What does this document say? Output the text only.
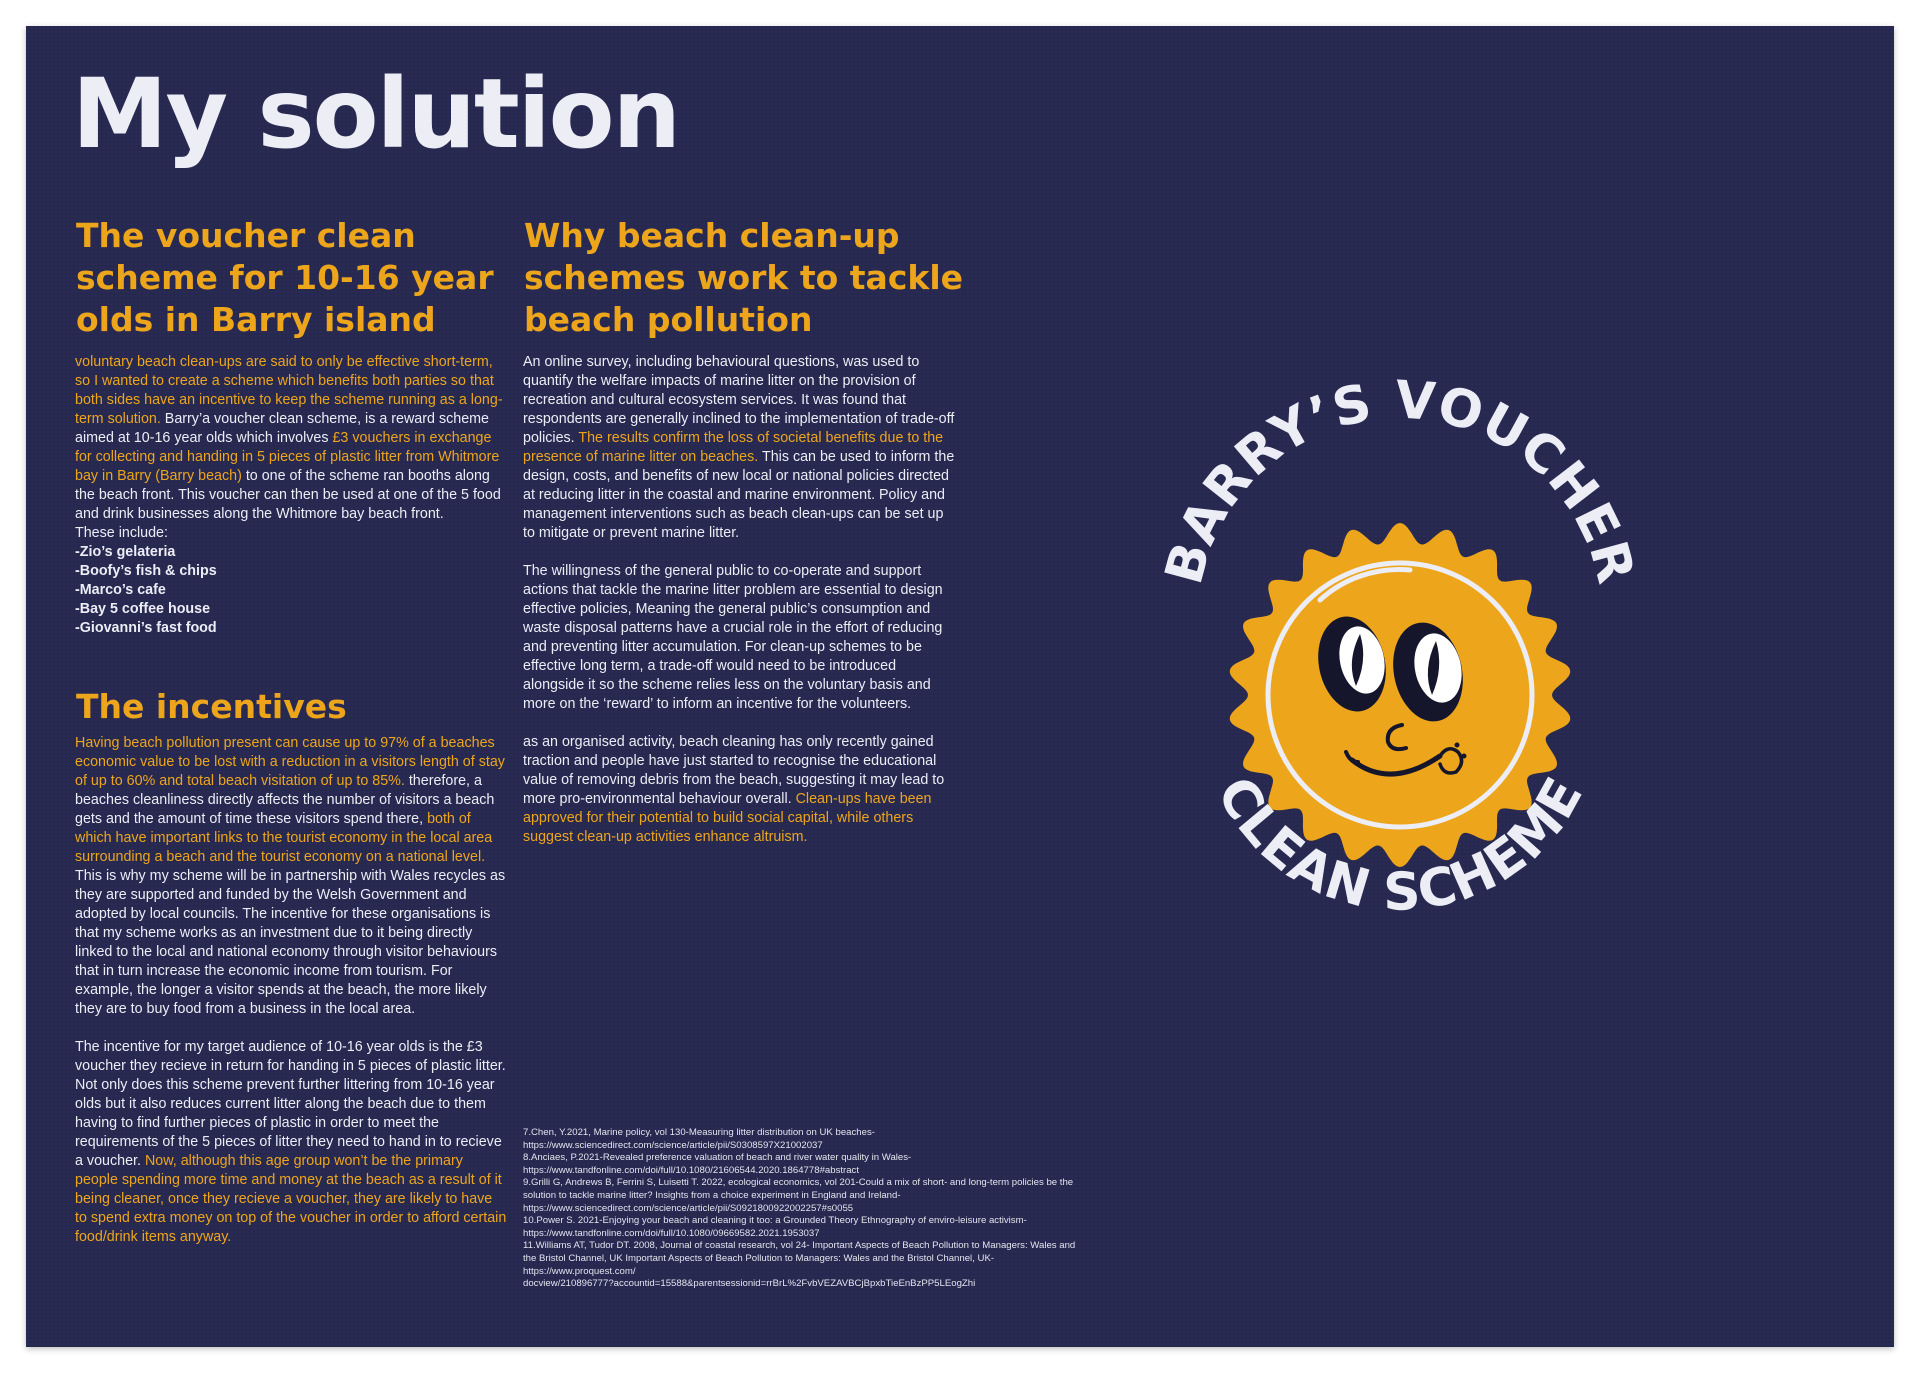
My solution
The voucher clean scheme for 10-16 year olds in Barry island

voluntary beach clean-ups are said to only be effective short-term, so I wanted to create a scheme which benefits both parties so that both sides have an incentive to keep the scheme running as a long-term solution. Barry’a voucher clean scheme, is a reward scheme aimed at 10-16 year olds which involves £3 vouchers in exchange for collecting and handing in 5 pieces of plastic litter from Whitmore bay in Barry (Barry beach) to one of the scheme ran booths along the beach front. This voucher can then be used at one of the 5 food and drink businesses along the Whitmore bay beach front.

These include:

-Zio’s gelateria
-Boofy’s fish & chips
-Marco’s cafe
-Bay 5 coffee house
-Giovanni’s fast food
The incentives

Having beach pollution present can cause up to 97% of a beaches economic value to be lost with a reduction in a visitors length of stay of up to 60% and total beach visitation of up to 85%. therefore, a beaches cleanliness directly affects the number of visitors a beach gets and the amount of time these visitors spend there, both of which have important links to the tourist economy in the local area surrounding a beach and the tourist economy on a national level. This is why my scheme will be in partnership with Wales recycles as they are supported and funded by the Welsh Government and adopted by local councils. The incentive for these organisations is that my scheme works as an investment due to it being directly linked to the local and national economy through visitor behaviours that in turn increase the economic income from tourism. For example, the longer a visitor spends at the beach, the more likely they are to buy food from a business in the local area.

The incentive for my target audience of 10-16 year olds is the £3 voucher they recieve in return for handing in 5 pieces of plastic litter. Not only does this scheme prevent further littering from 10-16 year olds but it also reduces current litter along the beach due to them having to find further pieces of plastic in order to meet the requirements of the 5 pieces of litter they need to hand in to recieve a voucher. Now, although this age group won’t be the primary people spending more time and money at the beach as a result of it being cleaner, once they recieve a voucher, they are likely to have to spend extra money on top of the voucher in order to afford certain food/drink items anyway.

Why beach clean-up schemes work to tackle beach pollution

An online survey, including behavioural questions, was used to quantify the welfare impacts of marine litter on the provision of recreation and cultural ecosystem services. It was found that respondents are generally inclined to the implementation of trade-off policies. The results confirm the loss of societal benefits due to the presence of marine litter on beaches. This can be used to inform the design, costs, and benefits of new local or national policies directed at reducing litter in the coastal and marine environment. Policy and management interventions such as beach clean-ups can be set up to mitigate or prevent marine litter.

The willingness of the general public to co-operate and support actions that tackle the marine litter problem are essential to design effective policies, Meaning the general public’s consumption and waste disposal patterns have a crucial role in the effort of reducing and preventing litter accumulation. For clean-up schemes to be effective long term, a trade-off would need to be introduced alongside it so the scheme relies less on the voluntary basis and more on the ‘reward’ to inform an incentive for the volunteers.

as an organised activity, beach cleaning has only recently gained traction and people have just started to recognise the educational value of removing debris from the beach, suggesting it may lead to more pro-environmental behaviour overall. Clean-ups have been approved for their potential to build social capital, while others suggest clean-up activities enhance altruism.

7.Chen, Y.2021, Marine policy, vol 130-Measuring litter distribution on UK beaches-
https://www.sciencedirect.com/science/article/pii/S0308597X21002037
8.Anciaes, P.2021-Revealed preference valuation of beach and river water quality in Wales-
https://www.tandfonline.com/doi/full/10.1080/21606544.2020.1864778#abstract
9.Grilli G, Andrews B, Ferrini S, Luisetti T. 2022, ecological economics, vol 201-Could a mix of short- and long-term policies be the
solution to tackle marine litter? Insights from a choice experiment in England and Ireland-
https://www.sciencedirect.com/science/article/pii/S0921800922002257#s0055
10.Power S. 2021-Enjoying your beach and cleaning it too: a Grounded Theory Ethnography of enviro-leisure activism-
https://www.tandfonline.com/doi/full/10.1080/09669582.2021.1953037
11.Williams AT, Tudor DT. 2008, Journal of coastal research, vol 24- Important Aspects of Beach Pollution to Managers: Wales and
the Bristol Channel, UK Important Aspects of Beach Pollution to Managers: Wales and the Bristol Channel, UK-
https://www.proquest.com/
docview/210896777?accountid=15588&parentsessionid=rrBrL%2FvbVEZAVBCjBpxbTieEnBzPP5LEogZhi
BARRY’S VOUCHER
CLEAN SCHEME
